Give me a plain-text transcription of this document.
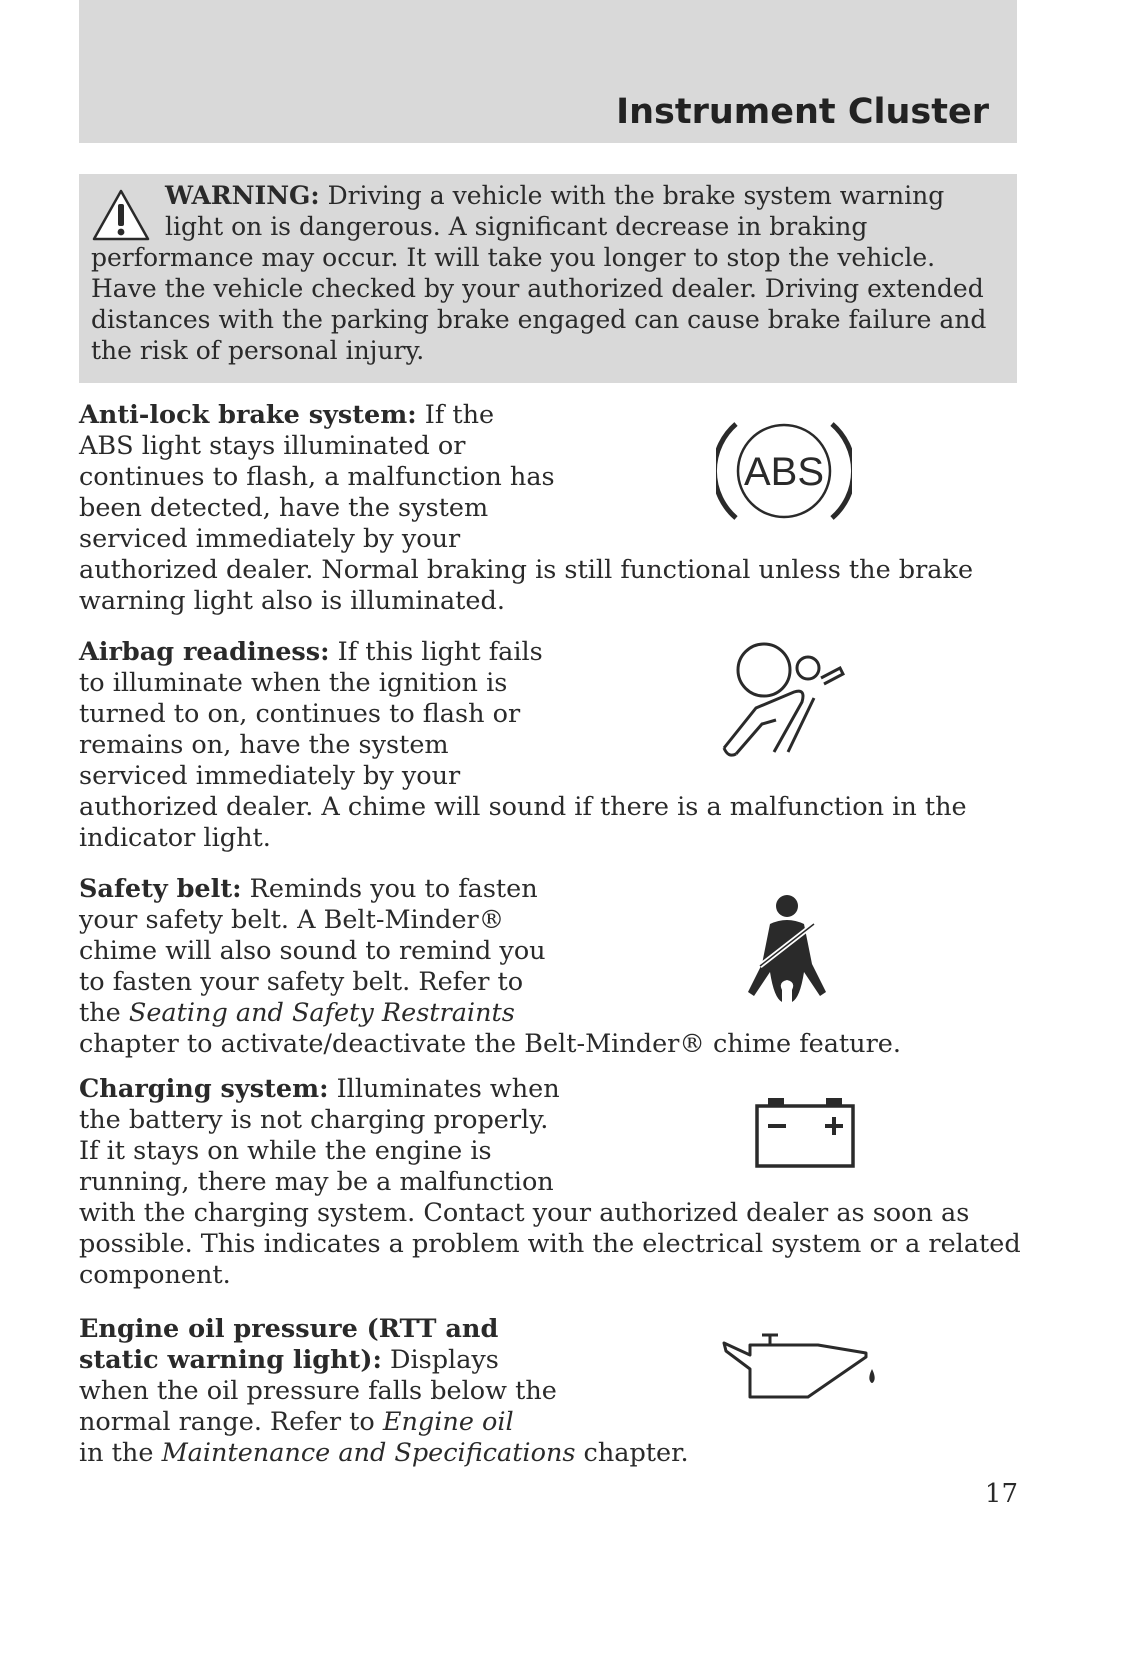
Instrument Cluster
WARNING: Driving a vehicle with the brake system warning light on is dangerous. A significant decrease in braking performance may occur. It will take you longer to stop the vehicle. Have the vehicle checked by your authorized dealer. Driving extended distances with the parking brake engaged can cause brake failure and the risk of personal injury.
Anti-lock brake system: If the
ABS light stays illuminated or
continues to flash, a malfunction has
been detected, have the system
serviced immediately by your
authorized dealer. Normal braking is still functional unless the brake
warning light also is illuminated.
ABS
Airbag readiness: If this light fails
to illuminate when the ignition is
turned to on, continues to flash or
remains on, have the system
serviced immediately by your
authorized dealer. A chime will sound if there is a malfunction in the
indicator light.
Safety belt: Reminds you to fasten
your safety belt. A Belt-Minder®
chime will also sound to remind you
to fasten your safety belt. Refer to
the Seating and Safety Restraints
chapter to activate/deactivate the Belt-Minder® chime feature.
Charging system: Illuminates when
the battery is not charging properly.
If it stays on while the engine is
running, there may be a malfunction
with the charging system. Contact your authorized dealer as soon as
possible. This indicates a problem with the electrical system or a related
component.
Engine oil pressure (RTT and
static warning light): Displays
when the oil pressure falls below the
normal range. Refer to Engine oil
in the Maintenance and Specifications chapter.

17
